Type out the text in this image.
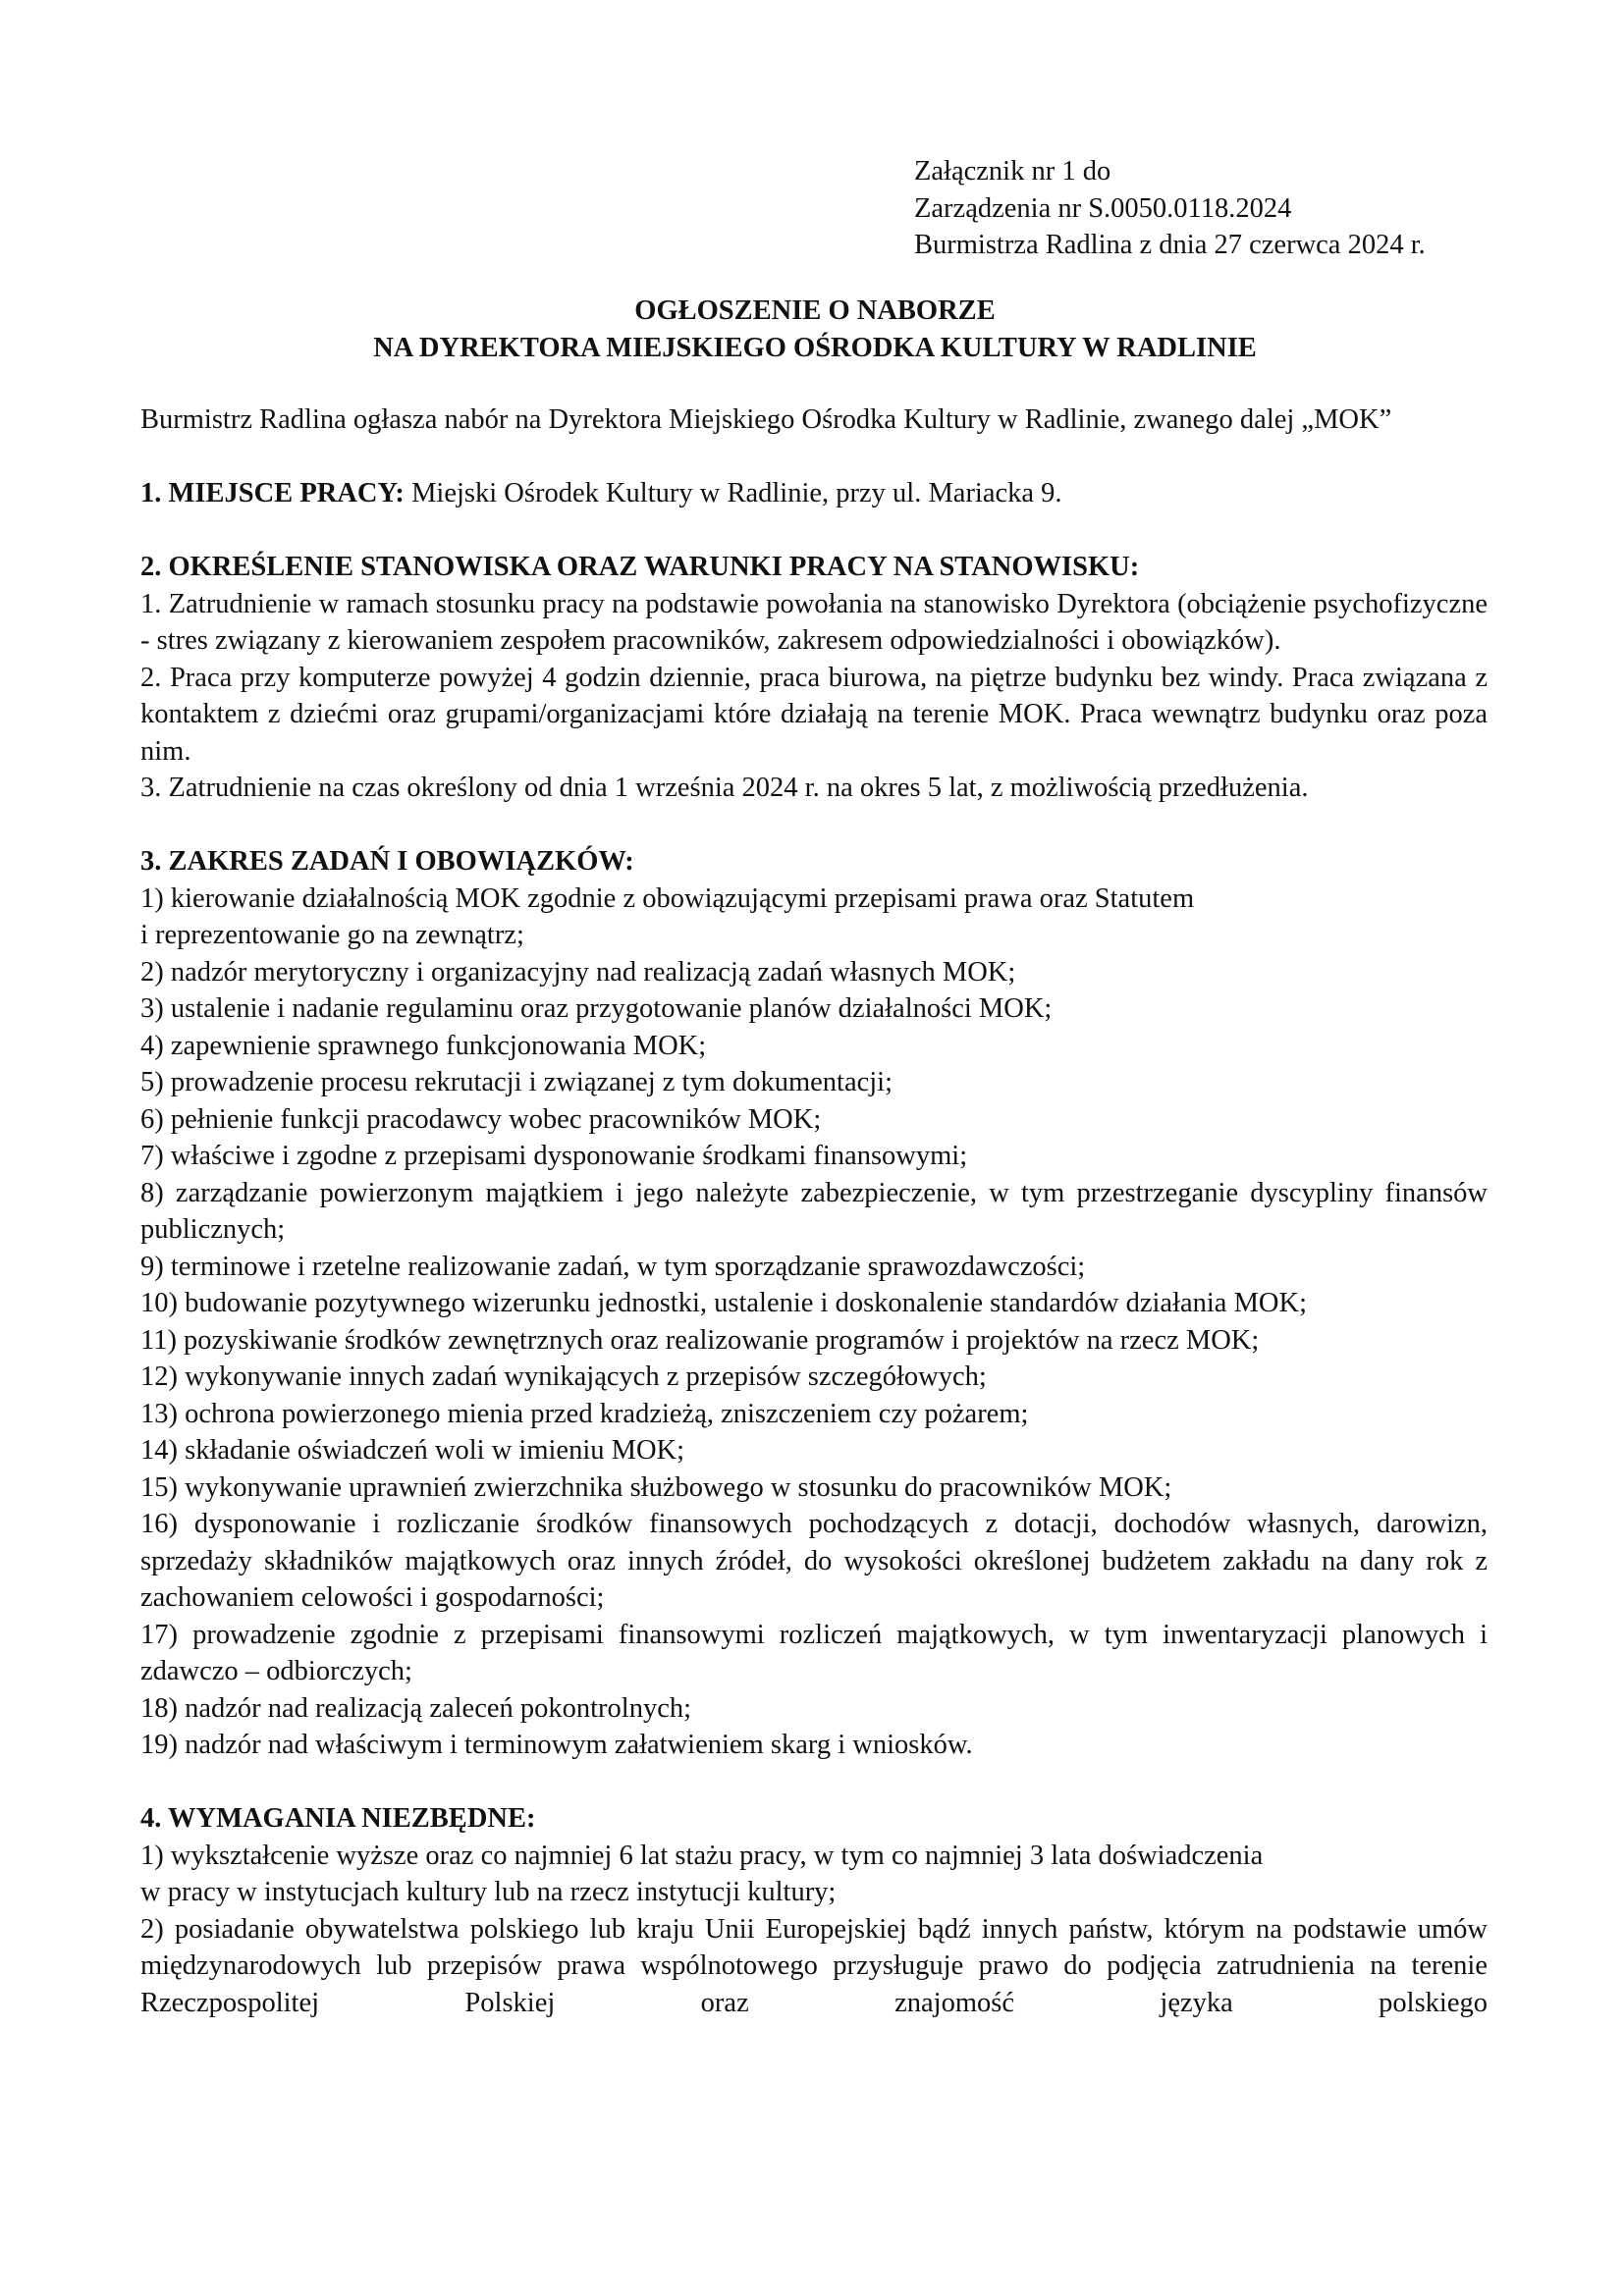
Załącznik nr 1 do
Zarządzenia nr S.0050.0118.2024
Burmistrza Radlina z dnia 27 czerwca 2024 r.
OGŁOSZENIE O NABORZE
NA DYREKTORA MIEJSKIEGO OŚRODKA KULTURY W RADLINIE

Burmistrz Radlina ogłasza nabór na Dyrektora Miejskiego Ośrodka Kultury w Radlinie, zwanego dalej „MOK”

1. MIEJSCE PRACY: Miejski Ośrodek Kultury w Radlinie, przy ul. Mariacka 9.

2. OKREŚLENIE STANOWISKA ORAZ WARUNKI PRACY NA STANOWISKU:

1. Zatrudnienie w ramach stosunku pracy na podstawie powołania na stanowisko Dyrektora (obciążenie psychofizyczne - stres związany z kierowaniem zespołem pracowników, zakresem odpowiedzialności i obowiązków).

2. Praca przy komputerze powyżej 4 godzin dziennie, praca biurowa, na piętrze budynku bez windy. Praca związana z kontaktem z dziećmi oraz grupami/organizacjami które działają na terenie MOK. Praca wewnątrz budynku oraz poza nim.

3. Zatrudnienie na czas określony od dnia 1 września 2024 r. na okres 5 lat, z możliwością przedłużenia.

3. ZAKRES ZADAŃ I OBOWIĄZKÓW:

1) kierowanie działalnością MOK zgodnie z obowiązującymi przepisami prawa oraz Statutem

i reprezentowanie go na zewnątrz;

2) nadzór merytoryczny i organizacyjny nad realizacją zadań własnych MOK;

3) ustalenie i nadanie regulaminu oraz przygotowanie planów działalności MOK;

4) zapewnienie sprawnego funkcjonowania MOK;

5) prowadzenie procesu rekrutacji i związanej z tym dokumentacji;

6) pełnienie funkcji pracodawcy wobec pracowników MOK;

7) właściwe i zgodne z przepisami dysponowanie środkami finansowymi;

8) zarządzanie powierzonym majątkiem i jego należyte zabezpieczenie, w tym przestrzeganie dyscypliny finansów publicznych;

9) terminowe i rzetelne realizowanie zadań, w tym sporządzanie sprawozdawczości;

10) budowanie pozytywnego wizerunku jednostki, ustalenie i doskonalenie standardów działania MOK;

11) pozyskiwanie środków zewnętrznych oraz realizowanie programów i projektów na rzecz MOK;

12) wykonywanie innych zadań wynikających z przepisów szczegółowych;

13) ochrona powierzonego mienia przed kradzieżą, zniszczeniem czy pożarem;

14) składanie oświadczeń woli w imieniu MOK;

15) wykonywanie uprawnień zwierzchnika służbowego w stosunku do pracowników MOK;

16) dysponowanie i rozliczanie środków finansowych pochodzących z dotacji, dochodów własnych, darowizn, sprzedaży składników majątkowych oraz innych źródeł, do wysokości określonej budżetem zakładu na dany rok z zachowaniem celowości i gospodarności;

17) prowadzenie zgodnie z przepisami finansowymi rozliczeń majątkowych, w tym inwentaryzacji planowych i zdawczo – odbiorczych;

18) nadzór nad realizacją zaleceń pokontrolnych;

19) nadzór nad właściwym i terminowym załatwieniem skarg i wniosków.

4. WYMAGANIA NIEZBĘDNE:

1) wykształcenie wyższe oraz co najmniej 6 lat stażu pracy, w tym co najmniej 3 lata doświadczenia

w pracy w instytucjach kultury lub na rzecz instytucji kultury;

2) posiadanie obywatelstwa polskiego lub kraju Unii Europejskiej bądź innych państw, którym na podstawie umów międzynarodowych lub przepisów prawa wspólnotowego przysługuje prawo do podjęcia zatrudnienia na terenie Rzeczpospolitej Polskiej oraz znajomość języka polskiego
